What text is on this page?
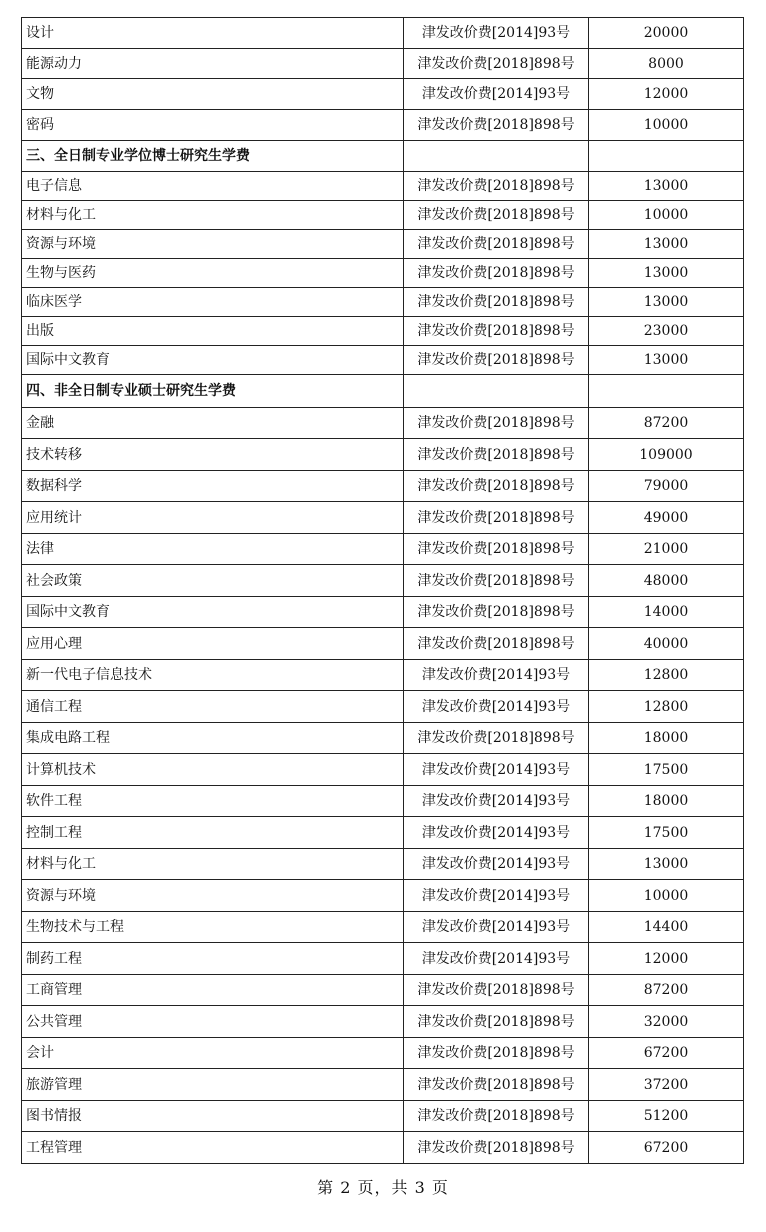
设计	津发改价费[2014]93号	20000
能源动力	津发改价费[2018]898号	8000
文物	津发改价费[2014]93号	12000
密码	津发改价费[2018]898号	10000
三、全日制专业学位博士研究生学费		
电子信息	津发改价费[2018]898号	13000
材料与化工	津发改价费[2018]898号	10000
资源与环境	津发改价费[2018]898号	13000
生物与医药	津发改价费[2018]898号	13000
临床医学	津发改价费[2018]898号	13000
出版	津发改价费[2018]898号	23000
国际中文教育	津发改价费[2018]898号	13000
四、非全日制专业硕士研究生学费		
金融	津发改价费[2018]898号	87200
技术转移	津发改价费[2018]898号	109000
数据科学	津发改价费[2018]898号	79000
应用统计	津发改价费[2018]898号	49000
法律	津发改价费[2018]898号	21000
社会政策	津发改价费[2018]898号	48000
国际中文教育	津发改价费[2018]898号	14000
应用心理	津发改价费[2018]898号	40000
新一代电子信息技术	津发改价费[2014]93号	12800
通信工程	津发改价费[2014]93号	12800
集成电路工程	津发改价费[2018]898号	18000
计算机技术	津发改价费[2014]93号	17500
软件工程	津发改价费[2014]93号	18000
控制工程	津发改价费[2014]93号	17500
材料与化工	津发改价费[2014]93号	13000
资源与环境	津发改价费[2014]93号	10000
生物技术与工程	津发改价费[2014]93号	14400
制药工程	津发改价费[2014]93号	12000
工商管理	津发改价费[2018]898号	87200
公共管理	津发改价费[2018]898号	32000
会计	津发改价费[2018]898号	67200
旅游管理	津发改价费[2018]898号	37200
图书情报	津发改价费[2018]898号	51200
工程管理	津发改价费[2018]898号	67200
第 2 页，共 3 页
